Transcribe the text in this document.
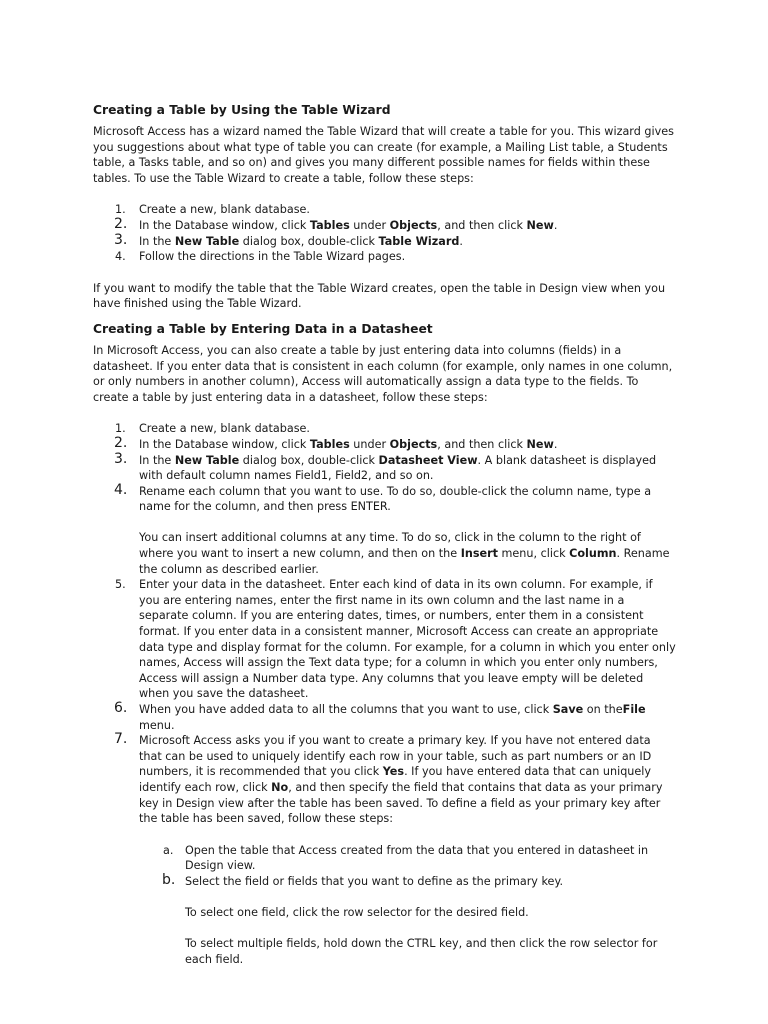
Creating a Table by Using the Table Wizard

Microsoft Access has a wizard named the Table Wizard that will create a table for you. This wizard gives you suggestions about what type of table you can create (for example, a Mailing List table, a Students table, a Tasks table, and so on) and gives you many different possible names for fields within these tables. To use the Table Wizard to create a table, follow these steps:

1. Create a new, blank database.
2. In the Database window, click Tables under Objects, and then click New.
3. In the New Table dialog box, double-click Table Wizard.
4. Follow the directions in the Table Wizard pages.

If you want to modify the table that the Table Wizard creates, open the table in Design view when you have finished using the Table Wizard.

Creating a Table by Entering Data in a Datasheet

In Microsoft Access, you can also create a table by just entering data into columns (fields) in a datasheet. If you enter data that is consistent in each column (for example, only names in one column, or only numbers in another column), Access will automatically assign a data type to the fields. To create a table by just entering data in a datasheet, follow these steps:

1. Create a new, blank database.
2. In the Database window, click Tables under Objects, and then click New.
3. In the New Table dialog box, double-click Datasheet View. A blank datasheet is displayed with default column names Field1, Field2, and so on.
4. Rename each column that you want to use. To do so, double-click the column name, type a name for the column, and then press ENTER.

You can insert additional columns at any time. To do so, click in the column to the right of where you want to insert a new column, and then on the Insert menu, click Column. Rename the column as described earlier.

5. Enter your data in the datasheet. Enter each kind of data in its own column. For example, if you are entering names, enter the first name in its own column and the last name in a separate column. If you are entering dates, times, or numbers, enter them in a consistent format. If you enter data in a consistent manner, Microsoft Access can create an appropriate data type and display format for the column. For example, for a column in which you enter only names, Access will assign the Text data type; for a column in which you enter only numbers, Access will assign a Number data type. Any columns that you leave empty will be deleted when you save the datasheet.
6. When you have added data to all the columns that you want to use, click Save on theFile menu.
7. Microsoft Access asks you if you want to create a primary key. If you have not entered data that can be used to uniquely identify each row in your table, such as part numbers or an ID numbers, it is recommended that you click Yes. If you have entered data that can uniquely identify each row, click No, and then specify the field that contains that data as your primary key in Design view after the table has been saved. To define a field as your primary key after the table has been saved, follow these steps:
a. Open the table that Access created from the data that you entered in datasheet in Design view.
b. Select the field or fields that you want to define as the primary key.

To select one field, click the row selector for the desired field.

To select multiple fields, hold down the CTRL key, and then click the row selector for each field.
